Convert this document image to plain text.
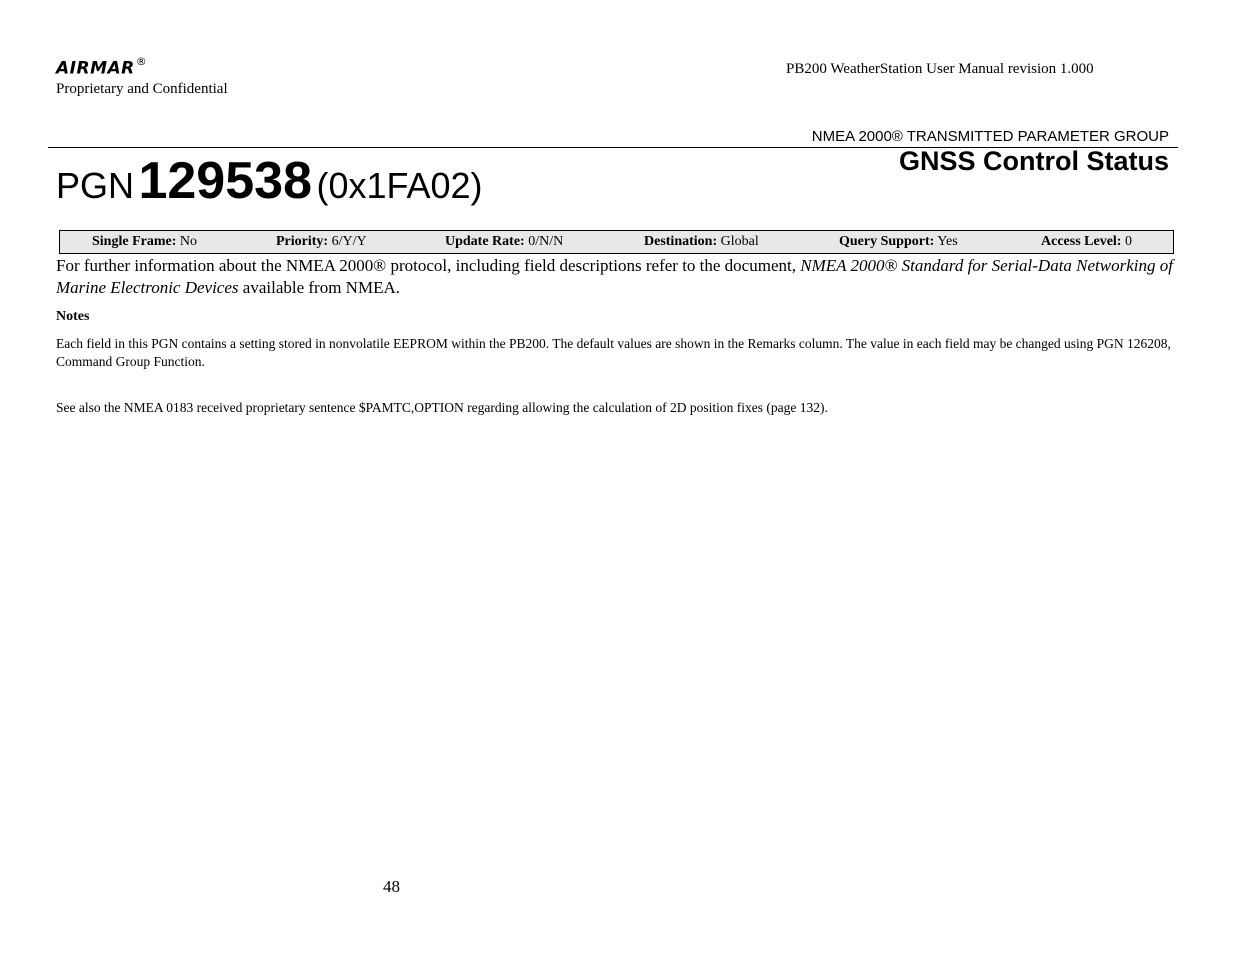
AIRMAR®
Proprietary and Confidential
PB200 WeatherStation User Manual revision 1.000
NMEA 2000® TRANSMITTED PARAMETER GROUP
PGN 129538 (0x1FA02)
GNSS Control Status
Single Frame: No	Priority: 6/Y/Y	Update Rate: 0/N/N	Destination: Global	Query Support: Yes	Access Level: 0
For further information about the NMEA 2000® protocol, including field descriptions refer to the document, NMEA 2000® Standard for Serial-Data Networking of Marine Electronic Devices available from NMEA.
Notes
Each field in this PGN contains a setting stored in nonvolatile EEPROM within the PB200. The default values are shown in the Remarks column. The value in each field may be changed using PGN 126208, Command Group Function.
See also the NMEA 0183 received proprietary sentence $PAMTC,OPTION regarding allowing the calculation of 2D position fixes (page 132).
48
